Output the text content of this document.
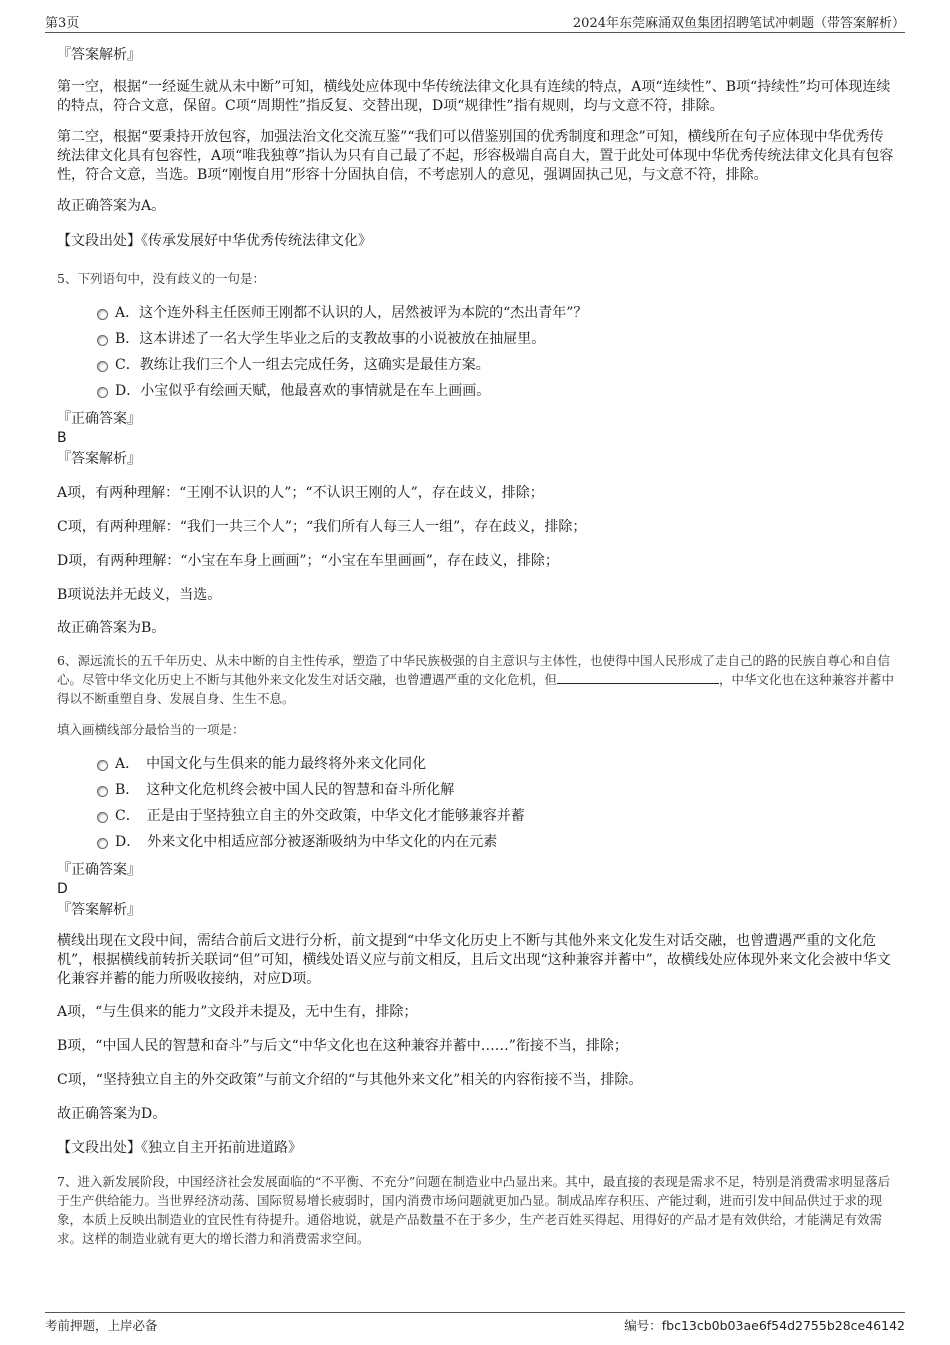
第3页	2024年东莞麻涌双鱼集团招聘笔试冲刺题（带答案解析）

『答案解析』

第一空，根据“一经诞生就从未中断”可知，横线处应体现中华传统法律文化具有连续的特点，A项“连续性”、B项“持续性”均可体现连续的特点，符合文意，保留。C项“周期性”指反复、交替出现，D项“规律性”指有规则，均与文意不符，排除。

第二空，根据“要秉持开放包容，加强法治文化交流互鉴”“我们可以借鉴别国的优秀制度和理念”可知，横线所在句子应体现中华优秀传统法律文化具有包容性，A项“唯我独尊”指认为只有自己最了不起，形容极端自高自大，置于此处可体现中华优秀传统法律文化具有包容性，符合文意，当选。B项“刚愎自用”形容十分固执自信，不考虑别人的意见，强调固执己见，与文意不符，排除。

故正确答案为A。

【文段出处】《传承发展好中华优秀传统法律文化》

5、下列语句中，没有歧义的一句是：

A．这个连外科主任医师王刚都不认识的人，居然被评为本院的“杰出青年”？
B．这本讲述了一名大学生毕业之后的支教故事的小说被放在抽屉里。
C．教练让我们三个人一组去完成任务，这确实是最佳方案。
D．小宝似乎有绘画天赋，他最喜欢的事情就是在车上画画。

『正确答案』

B

『答案解析』

A项，有两种理解：“王刚不认识的人”；“不认识王刚的人”，存在歧义，排除；

C项，有两种理解：“我们一共三个人”；“我们所有人每三人一组”，存在歧义，排除；

D项，有两种理解：“小宝在车身上画画”；“小宝在车里画画”，存在歧义，排除；

B项说法并无歧义，当选。

故正确答案为B。

6、源远流长的五千年历史、从未中断的自主性传承，塑造了中华民族极强的自主意识与主体性，也使得中国人民形成了走自己的路的民族自尊心和自信心。尽管中华文化历史上不断与其他外来文化发生对话交融，也曾遭遇严重的文化危机，但	，中华文化也在这种兼容并蓄中得以不断重塑自身、发展自身、生生不息。

填入画横线部分最恰当的一项是：

A．　中国文化与生俱来的能力最终将外来文化同化
B．　这种文化危机终会被中国人民的智慧和奋斗所化解
C．　正是由于坚持独立自主的外交政策，中华文化才能够兼容并蓄
D．　外来文化中相适应部分被逐渐吸纳为中华文化的内在元素

『正确答案』

D

『答案解析』

横线出现在文段中间，需结合前后文进行分析，前文提到“中华文化历史上不断与其他外来文化发生对话交融，也曾遭遇严重的文化危机”，根据横线前转折关联词“但”可知，横线处语义应与前文相反，且后文出现“这种兼容并蓄中”，故横线处应体现外来文化会被中华文化兼容并蓄的能力所吸收接纳，对应D项。

A项，“与生俱来的能力”文段并未提及，无中生有，排除；

B项，“中国人民的智慧和奋斗”与后文“中华文化也在这种兼容并蓄中……”衔接不当，排除；

C项，“坚持独立自主的外交政策”与前文介绍的“与其他外来文化”相关的内容衔接不当，排除。

故正确答案为D。

【文段出处】《独立自主开拓前进道路》

7、进入新发展阶段，中国经济社会发展面临的“不平衡、不充分”问题在制造业中凸显出来。其中，最直接的表现是需求不足，特别是消费需求明显落后于生产供给能力。当世界经济动荡、国际贸易增长疲弱时，国内消费市场问题就更加凸显。制成品库存积压、产能过剩，进而引发中间品供过于求的现象，本质上反映出制造业的宜民性有待提升。通俗地说，就是产品数量不在于多少，生产老百姓买得起、用得好的产品才是有效供给，才能满足有效需求。这样的制造业就有更大的增长潜力和消费需求空间。

考前押题，上岸必备	编号：fbc13cb0b03ae6f54d2755b28ce46142
